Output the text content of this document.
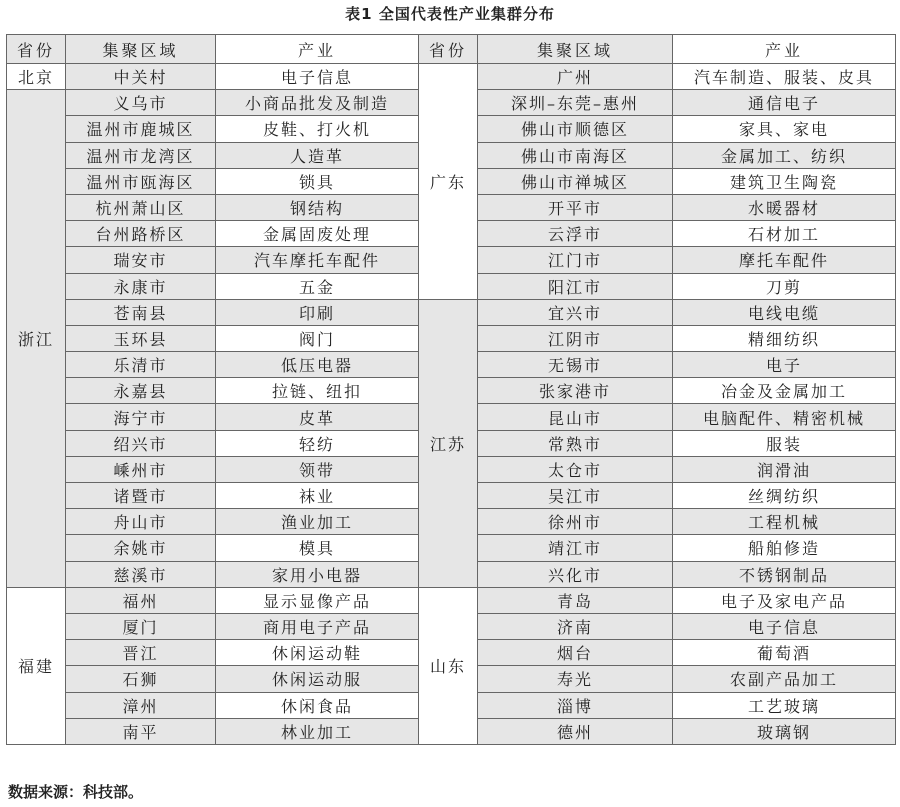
表1 全国代表性产业集群分布
省份	集聚区域	产业	省份	集聚区域	产业
北京	中关村	电子信息	广东	广州	汽车制造、服装、皮具
浙江	义乌市	小商品批发及制造		深圳–东莞–惠州	通信电子
	温州市鹿城区	皮鞋、打火机		佛山市顺德区	家具、家电
	温州市龙湾区	人造革		佛山市南海区	金属加工、纺织
	温州市瓯海区	锁具		佛山市禅城区	建筑卫生陶瓷
	杭州萧山区	钢结构		开平市	水暖器材
	台州路桥区	金属固废处理		云浮市	石材加工
	瑞安市	汽车摩托车配件		江门市	摩托车配件
	永康市	五金		阳江市	刀剪
	苍南县	印刷	江苏	宜兴市	电线电缆
	玉环县	阀门		江阴市	精细纺织
	乐清市	低压电器		无锡市	电子
	永嘉县	拉链、纽扣		张家港市	冶金及金属加工
	海宁市	皮革		昆山市	电脑配件、精密机械
	绍兴市	轻纺		常熟市	服装
	嵊州市	领带		太仓市	润滑油
	诸暨市	袜业		吴江市	丝绸纺织
	舟山市	渔业加工		徐州市	工程机械
	余姚市	模具		靖江市	船舶修造
	慈溪市	家用小电器		兴化市	不锈钢制品
福建	福州	显示显像产品	山东	青岛	电子及家电产品
	厦门	商用电子产品		济南	电子信息
	晋江	休闲运动鞋		烟台	葡萄酒
	石狮	休闲运动服		寿光	农副产品加工
	漳州	休闲食品		淄博	工艺玻璃
	南平	林业加工		德州	玻璃钢
数据来源：科技部。
